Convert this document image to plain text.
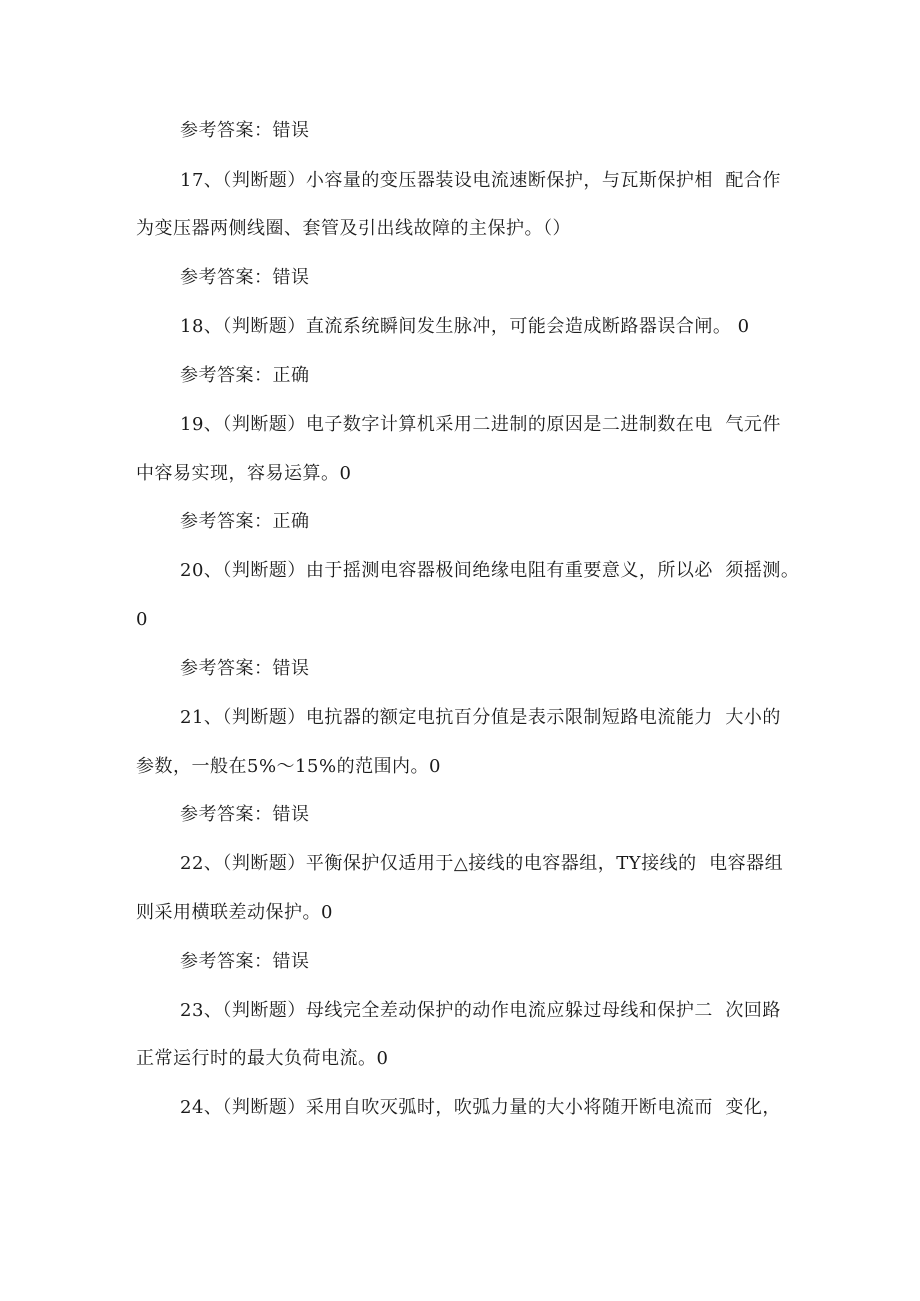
参考答案：错误
17、（判断题）小容量的变压器装设电流速断保护，与瓦斯保护相  配合作
为变压器两侧线圈、套管及引出线故障的主保护。（）
参考答案：错误
18、（判断题）直流系统瞬间发生脉冲，可能会造成断路器误合闸。 0
参考答案：正确
19、（判断题）电子数字计算机采用二进制的原因是二进制数在电  气元件
中容易实现，容易运算。0
参考答案：正确
20、（判断题）由于摇测电容器极间绝缘电阻有重要意义，所以必  须摇测。
0
参考答案：错误
21、（判断题）电抗器的额定电抗百分值是表示限制短路电流能力  大小的
参数，一般在5%～15%的范围内。0
参考答案：错误
22、（判断题）平衡保护仅适用于△接线的电容器组，TY接线的  电容器组
则采用横联差动保护。0
参考答案：错误
23、（判断题）母线完全差动保护的动作电流应躲过母线和保护二  次回路
正常运行时的最大负荷电流。0
24、（判断题）采用自吹灭弧时，吹弧力量的大小将随开断电流而  变化，
